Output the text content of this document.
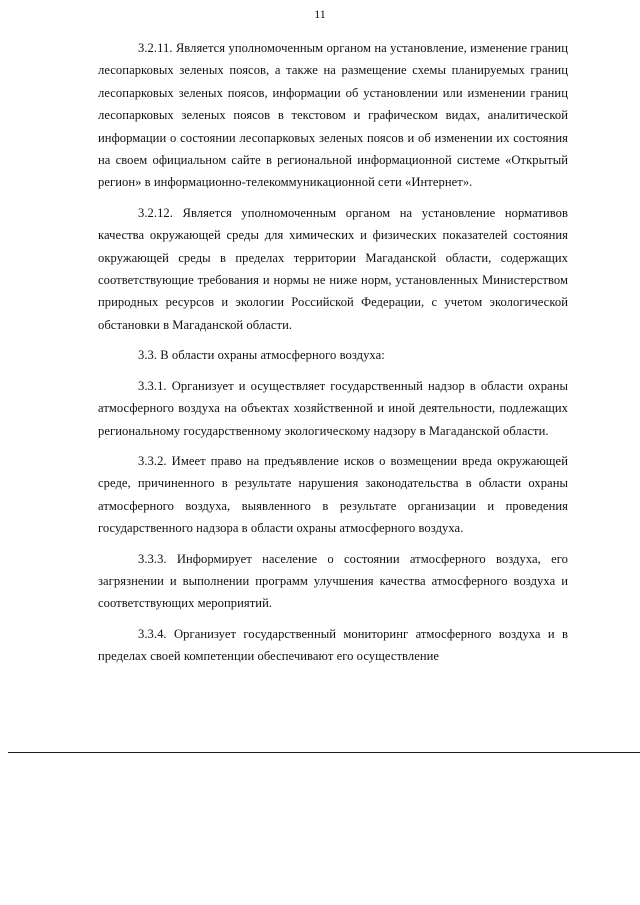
11

3.2.11. Является уполномоченным органом на установление, изменение границ лесопарковых зеленых поясов, а также на размещение схемы планируемых границ лесопарковых зеленых поясов, информации об установлении или изменении границ лесопарковых зеленых поясов в текстовом и графическом видах, аналитической информации о состоянии лесопарковых зеленых поясов и об изменении их состояния на своем официальном сайте в региональной информационной системе «Открытый регион» в информационно-телекоммуникационной сети «Интернет».

3.2.12. Является уполномоченным органом на установление нормативов качества окружающей среды для химических и физических показателей состояния окружающей среды в пределах территории Магаданской области, содержащих соответствующие требования и нормы не ниже норм, установленных Министерством природных ресурсов и экологии Российской Федерации, с учетом экологической обстановки в Магаданской области.

3.3. В области охраны атмосферного воздуха:

3.3.1. Организует и осуществляет государственный надзор в области охраны атмосферного воздуха на объектах хозяйственной и иной деятельности, подлежащих региональному государственному экологическому надзору в Магаданской области.

3.3.2. Имеет право на предъявление исков о возмещении вреда окружающей среде, причиненного в результате нарушения законодательства в области охраны атмосферного воздуха, выявленного в результате организации и проведения государственного надзора в области охраны атмосферного воздуха.

3.3.3. Информирует население о состоянии атмосферного воздуха, его загрязнении и выполнении программ улучшения качества атмосферного воздуха и соответствующих мероприятий.

3.3.4. Организует государственный мониторинг атмосферного воздуха и в пределах своей компетенции обеспечивают его осуществление
